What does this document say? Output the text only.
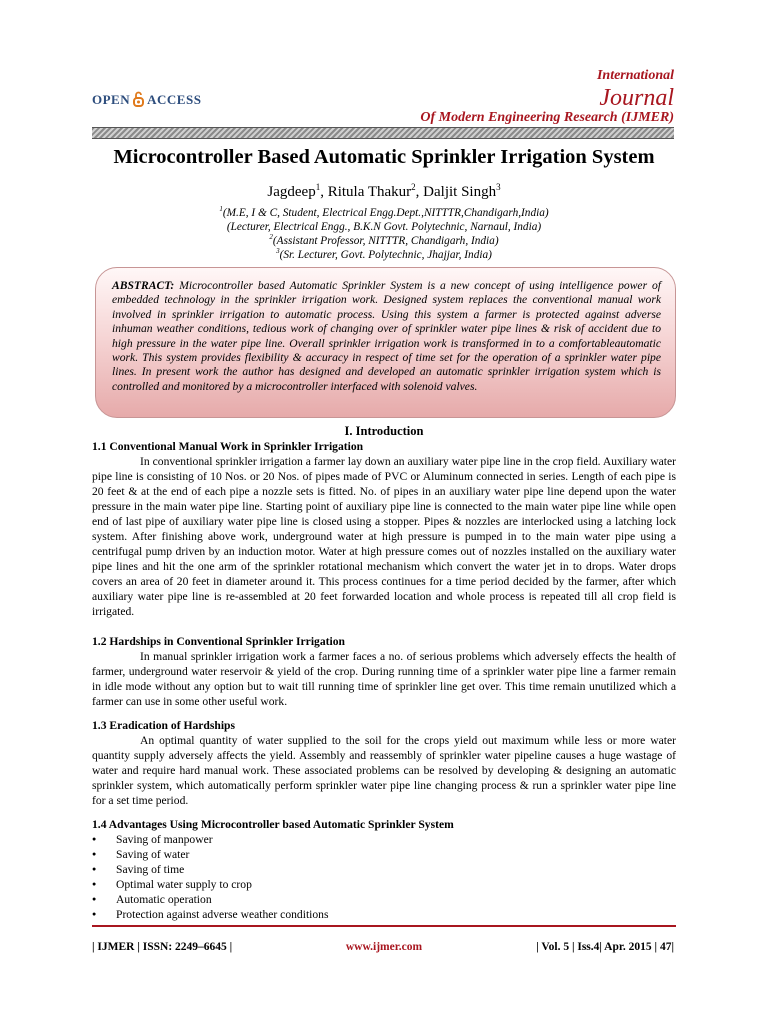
OPEN ACCESS
International
Journal
Of Modern Engineering Research (IJMER)
Microcontroller Based Automatic Sprinkler Irrigation System
Jagdeep$^1$, Ritula Thakur$^2$, Daljit Singh$^3$
$^1$(M.E, I & C, Student, Electrical Engg.Dept.,NITTTR,Chandigarh,India)
(Lecturer, Electrical Engg., B.K.N Govt. Polytechnic, Narnaul, India)
$^2$(Assistant Professor, NITTTR, Chandigarh, India)
$^3$(Sr. Lecturer, Govt. Polytechnic, Jhajjar, India)
ABSTRACT: Microcontroller based Automatic Sprinkler System is a new concept of using intelligence power of embedded technology in the sprinkler irrigation work. Designed system replaces the conventional manual work involved in sprinkler irrigation to automatic process. Using this system a farmer is protected against adverse inhuman weather conditions, tedious work of changing over of sprinkler water pipe lines & risk of accident due to high pressure in the water pipe line. Overall sprinkler irrigation work is transformed in to a comfortableautomatic work. This system provides flexibility & accuracy in respect of time set for the operation of a sprinkler water pipe lines. In present work the author has designed and developed an automatic sprinkler irrigation system which is controlled and monitored by a microcontroller interfaced with solenoid valves.
I. Introduction
1.1 Conventional Manual Work in Sprinkler Irrigation
In conventional sprinkler irrigation a farmer lay down an auxiliary water pipe line in the crop field. Auxiliary water pipe line is consisting of 10 Nos. or 20 Nos. of pipes made of PVC or Aluminum connected in series. Length of each pipe is 20 feet & at the end of each pipe a nozzle sets is fitted. No. of pipes in an auxiliary water pipe line depend upon the water pressure in the main water pipe line. Starting point of auxiliary pipe line is connected to the main water pipe line while open end of last pipe of auxiliary water pipe line is closed using a stopper. Pipes & nozzles are interlocked using a latching lock system. After finishing above work, underground water at high pressure is pumped in to the main water pipe using a centrifugal pump driven by an induction motor. Water at high pressure comes out of nozzles installed on the auxiliary water pipe lines and hit the one arm of the sprinkler rotational mechanism which convert the water jet in to drops. Water drops covers an area of 20 feet in diameter around it. This process continues for a time period decided by the farmer, after which auxiliary water pipe line is re-assembled at 20 feet forwarded location and whole process is repeated till all crop field is irrigated.
1.2 Hardships in Conventional Sprinkler Irrigation
In manual sprinkler irrigation work a farmer faces a no. of serious problems which adversely effects the health of farmer, underground water reservoir & yield of the crop. During running time of a sprinkler water pipe line a farmer remain in idle mode without any option but to wait till running time of sprinkler line get over. This time remain unutilized which a farmer can use in some other useful work.
1.3 Eradication of Hardships
An optimal quantity of water supplied to the soil for the crops yield out maximum while less or more water quantity supply adversely affects the yield. Assembly and reassembly of sprinkler water pipeline causes a huge wastage of water and require hard manual work. These associated problems can be resolved by developing & designing an automatic sprinkler system, which automatically perform sprinkler water pipe line changing process & run a sprinkler water pipe line for a set time period.
1.4 Advantages Using Microcontroller based Automatic Sprinkler System
● Saving of manpower
● Saving of water
● Saving of time
● Optimal water supply to crop
● Automatic operation
● Protection against adverse weather conditions
| IJMER | ISSN: 2249–6645 |	www.ijmer.com	| Vol. 5 | Iss.4| Apr. 2015 | 47|
